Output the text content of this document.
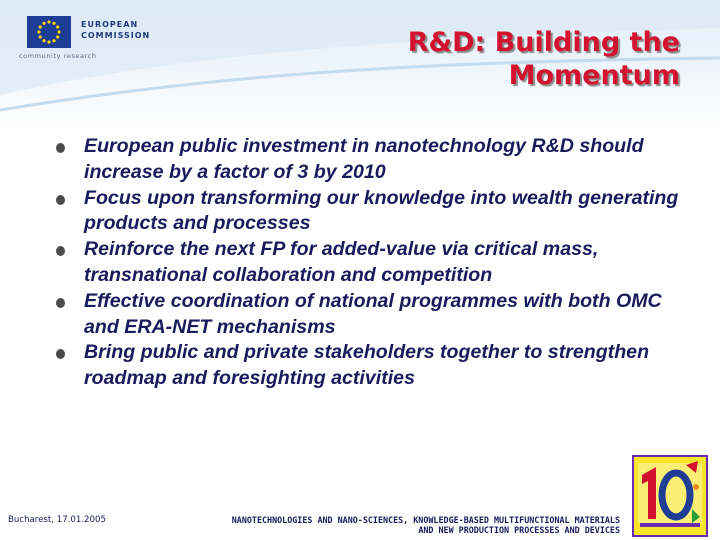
EUROPEAN
COMMISSION
community research	R&D: Building the
Momentum
European public investment in nanotechnology R&D should increase by a factor of 3 by 2010
Focus upon transforming our knowledge into wealth generating products and processes
Reinforce the next FP for added-value via critical mass, transnational collaboration and competition
Effective coordination of national programmes with both OMC and ERA-NET mechanisms
Bring public and private stakeholders together to strengthen roadmap and foresighting activities
Bucharest, 17.01.2005	NANOTECHNOLOGIES AND NANO-SCIENCES, KNOWLEDGE-BASED MULTIFUNCTIONAL MATERIALS
AND NEW PRODUCTION PROCESSES AND DEVICES
